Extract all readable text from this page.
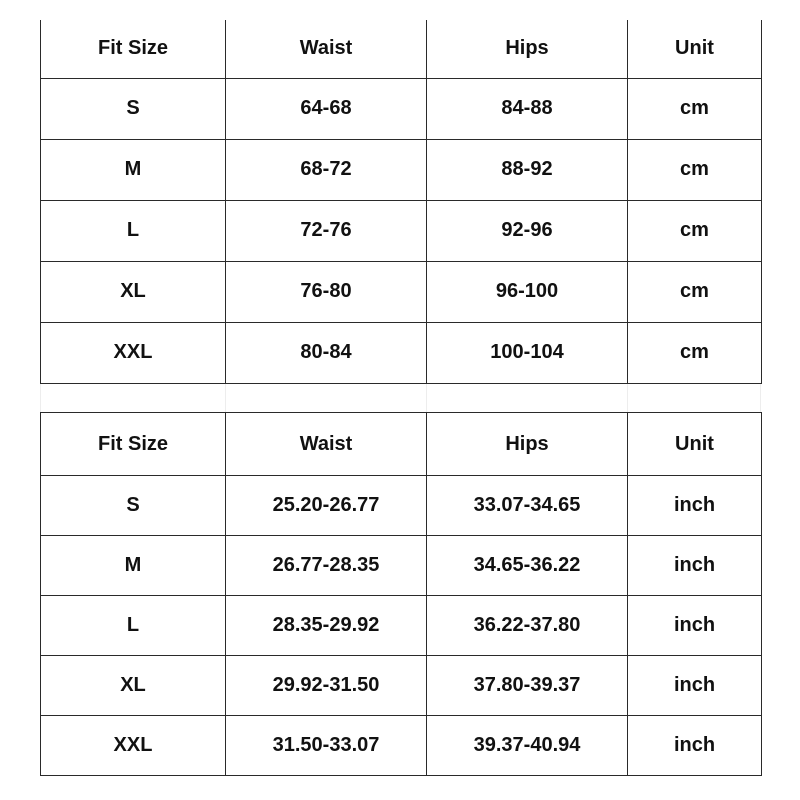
Fit Size	Waist	Hips	Unit
S	64-68	84-88	cm
M	68-72	88-92	cm
L	72-76	92-96	cm
XL	76-80	96-100	cm
XXL	80-84	100-104	cm
Fit Size	Waist	Hips	Unit
S	25.20-26.77	33.07-34.65	inch
M	26.77-28.35	34.65-36.22	inch
L	28.35-29.92	36.22-37.80	inch
XL	29.92-31.50	37.80-39.37	inch
XXL	31.50-33.07	39.37-40.94	inch
